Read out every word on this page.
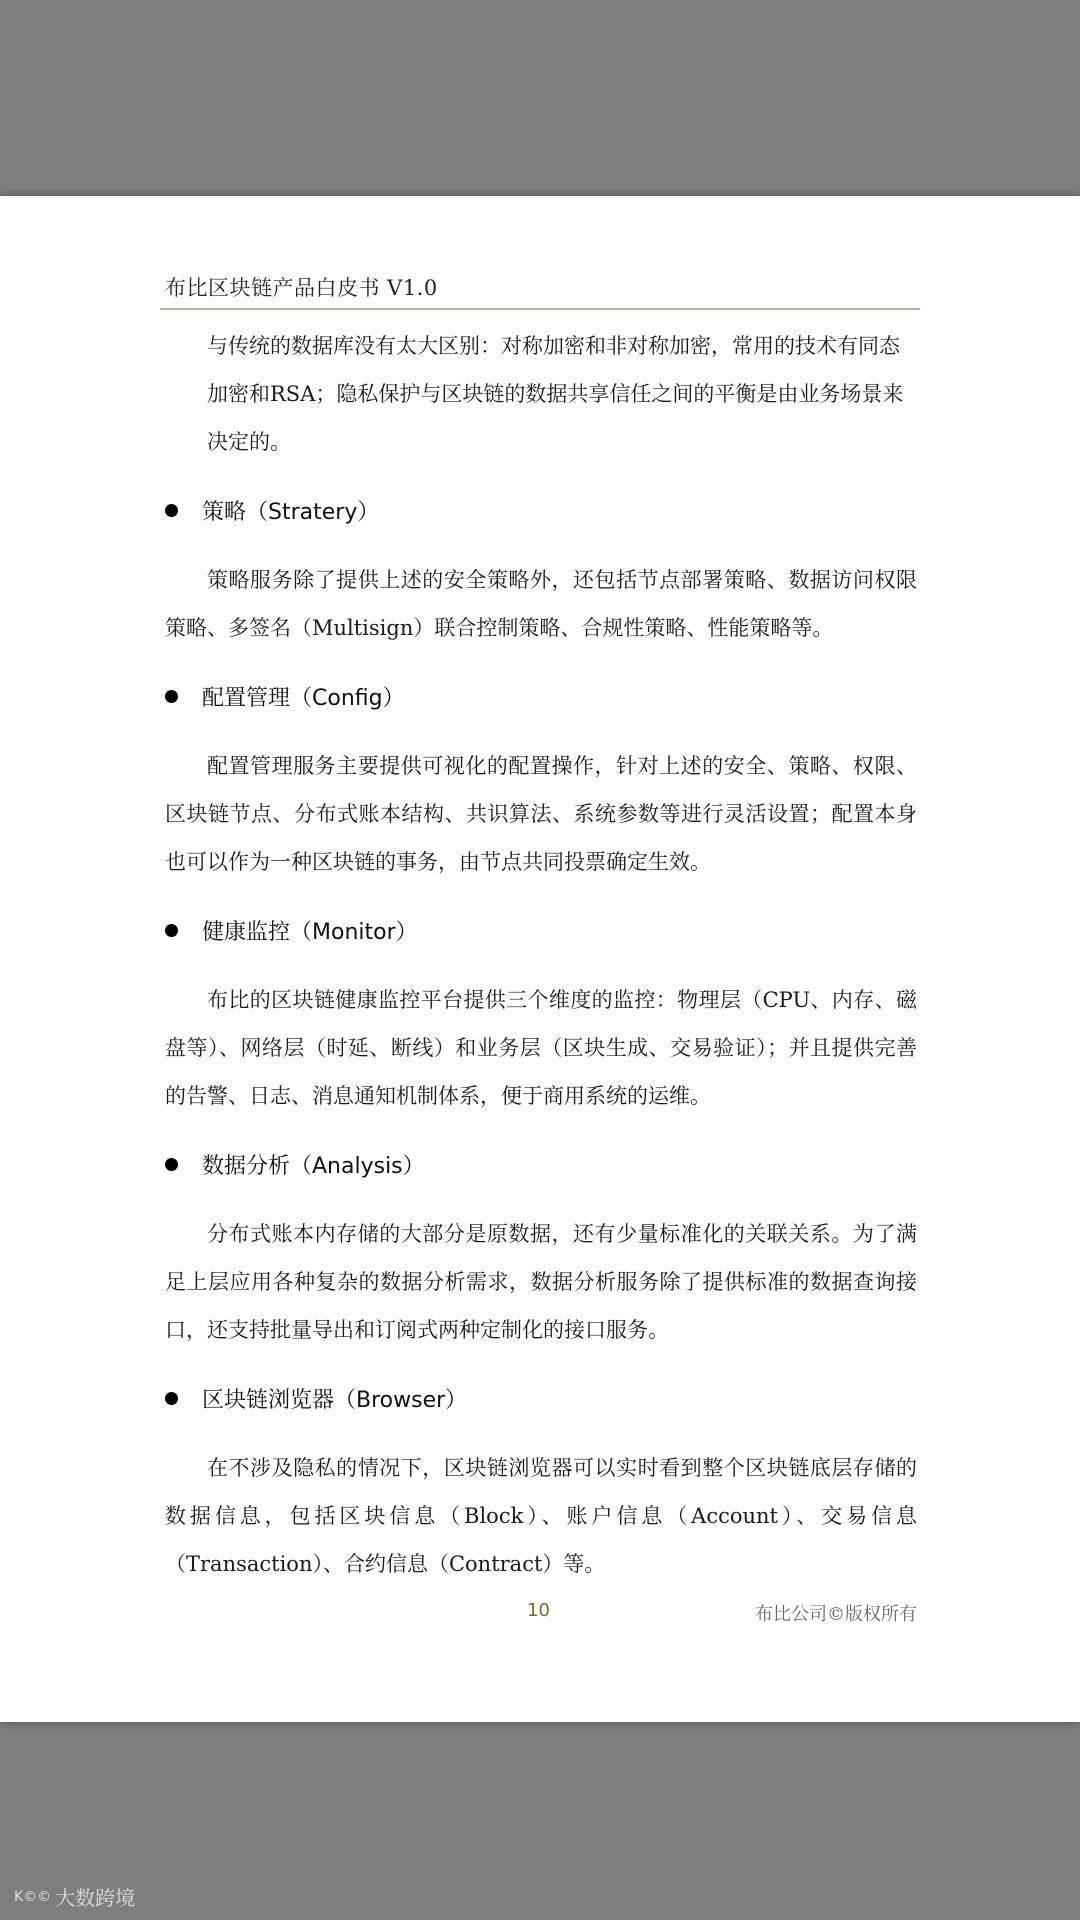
布比区块链产品白皮书 V1.0

与传统的数据库没有太大区别：对称加密和非对称加密，常用的技术有同态

加密和RSA；隐私保护与区块链的数据共享信任之间的平衡是由业务场景来

决定的。

策略（Stratery）

策略服务除了提供上述的安全策略外，还包括节点部署策略、数据访问权限策略、多签名（Multisign）联合控制策略、合规性策略、性能策略等。

配置管理（Config）

配置管理服务主要提供可视化的配置操作，针对上述的安全、策略、权限、区块链节点、分布式账本结构、共识算法、系统参数等进行灵活设置；配置本身也可以作为一种区块链的事务，由节点共同投票确定生效。

健康监控（Monitor）

布比的区块链健康监控平台提供三个维度的监控：物理层（CPU、内存、磁盘等）、网络层（时延、断线）和业务层（区块生成、交易验证）；并且提供完善的告警、日志、消息通知机制体系，便于商用系统的运维。

数据分析（Analysis）

分布式账本内存储的大部分是原数据，还有少量标准化的关联关系。为了满足上层应用各种复杂的数据分析需求，数据分析服务除了提供标准的数据查询接口，还支持批量导出和订阅式两种定制化的接口服务。

区块链浏览器（Browser）

在不涉及隐私的情况下，区块链浏览器可以实时看到整个区块链底层存储的数据信息，包括区块信息（Block）、账户信息（Account）、交易信息（Transaction）、合约信息（Contract）等。

10	布比公司©版权所有
K©© 大数跨境
